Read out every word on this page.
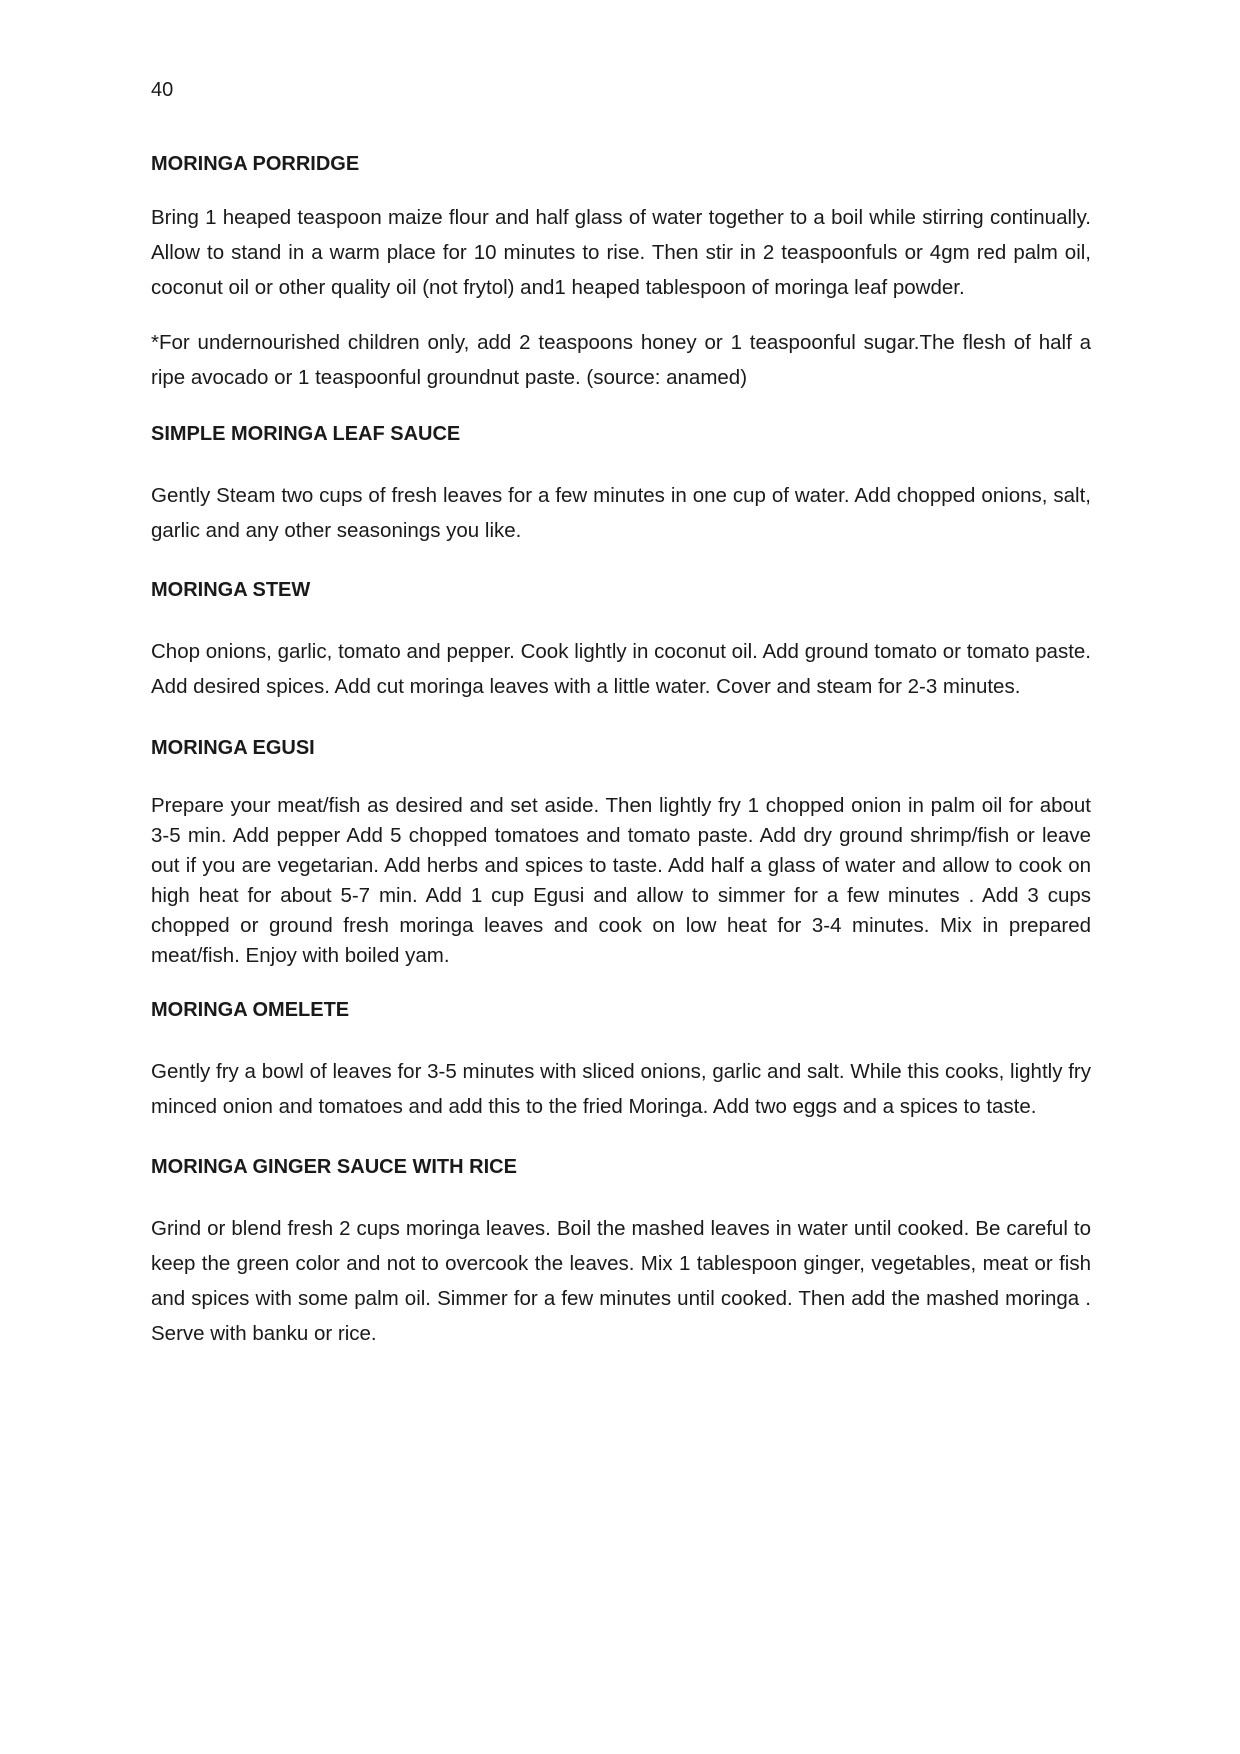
40
MORINGA PORRIDGE

Bring 1 heaped teaspoon maize flour and half glass of water together to a boil while stirring continually. Allow to stand in a warm place for 10 minutes to rise. Then stir in 2 teaspoonfuls or 4gm red palm oil, coconut oil or other quality oil (not frytol) and1 heaped tablespoon of moringa leaf powder.

*For undernourished children only, add 2 teaspoons honey or 1 teaspoonful sugar.The flesh of half a ripe avocado or 1 teaspoonful groundnut paste. (source: anamed)

SIMPLE MORINGA LEAF SAUCE

Gently Steam two cups of fresh leaves for a few minutes in one cup of water. Add chopped onions, salt, garlic and any other seasonings you like.

MORINGA STEW

Chop onions, garlic, tomato and pepper. Cook lightly in coconut oil. Add ground tomato or tomato paste. Add desired spices. Add cut moringa leaves with a little water. Cover and steam for 2-3 minutes.

MORINGA EGUSI

Prepare your meat/fish as desired and set aside. Then lightly fry 1 chopped onion in palm oil for about 3-5 min. Add pepper Add 5 chopped tomatoes and tomato paste. Add dry ground shrimp/fish or leave out if you are vegetarian. Add herbs and spices to taste. Add half a glass of water and allow to cook on high heat for about 5-7 min. Add 1 cup Egusi and allow to simmer for a few minutes . Add 3 cups chopped or ground fresh moringa leaves and cook on low heat for 3-4 minutes. Mix in prepared meat/fish. Enjoy with boiled yam.

MORINGA OMELETE

Gently fry a bowl of leaves for 3-5 minutes with sliced onions, garlic and salt. While this cooks, lightly fry minced onion and tomatoes and add this to the fried Moringa. Add two eggs and a spices to taste.

MORINGA GINGER SAUCE WITH RICE

Grind or blend fresh 2 cups moringa leaves. Boil the mashed leaves in water until cooked. Be careful to keep the green color and not to overcook the leaves. Mix 1 tablespoon ginger, vegetables, meat or fish and spices with some palm oil. Simmer for a few minutes until cooked. Then add the mashed moringa . Serve with banku or rice.
